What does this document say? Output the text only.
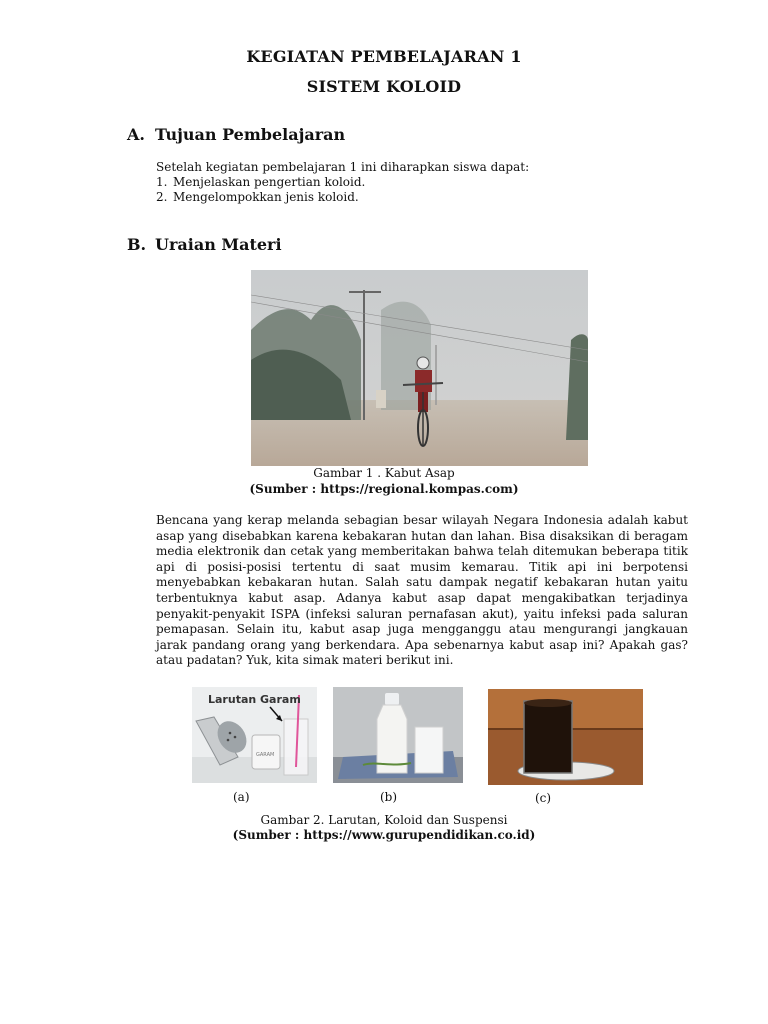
KEGIATAN PEMBELAJARAN 1
SISTEM KOLOID
A. Tujuan Pembelajaran
Setelah kegiatan pembelajaran 1 ini diharapkan siswa dapat:
1. Menjelaskan pengertian koloid.
2. Mengelompokkan jenis koloid.
B. Uraian Materi
Gambar 1 . Kabut Asap
(Sumber : https://regional.kompas.com)
Bencana yang kerap melanda sebagian besar wilayah Negara Indonesia adalah kabut asap yang disebabkan karena kebakaran hutan dan lahan. Bisa disaksikan di beragam media elektronik dan cetak yang memberitakan bahwa telah ditemukan beberapa titik api di posisi-posisi tertentu di saat musim kemarau. Titik api ini berpotensi menyebabkan kebakaran hutan. Salah satu dampak negatif kebakaran hutan yaitu terbentuknya kabut asap. Adanya kabut asap dapat mengakibatkan terjadinya penyakit-penyakit ISPA (infeksi saluran pernafasan akut), yaitu infeksi pada saluran pemapasan. Selain itu, kabut asap juga mengganggu atau mengurangi jangkauan jarak pandang orang yang berkendara. Apa sebenarnya kabut asap ini? Apakah gas? atau padatan? Yuk, kita simak materi berikut ini.
Larutan Garam
GARAM
(a)	(b)	(c)
Gambar 2. Larutan, Koloid dan Suspensi
(Sumber : https://www.gurupendidikan.co.id)
